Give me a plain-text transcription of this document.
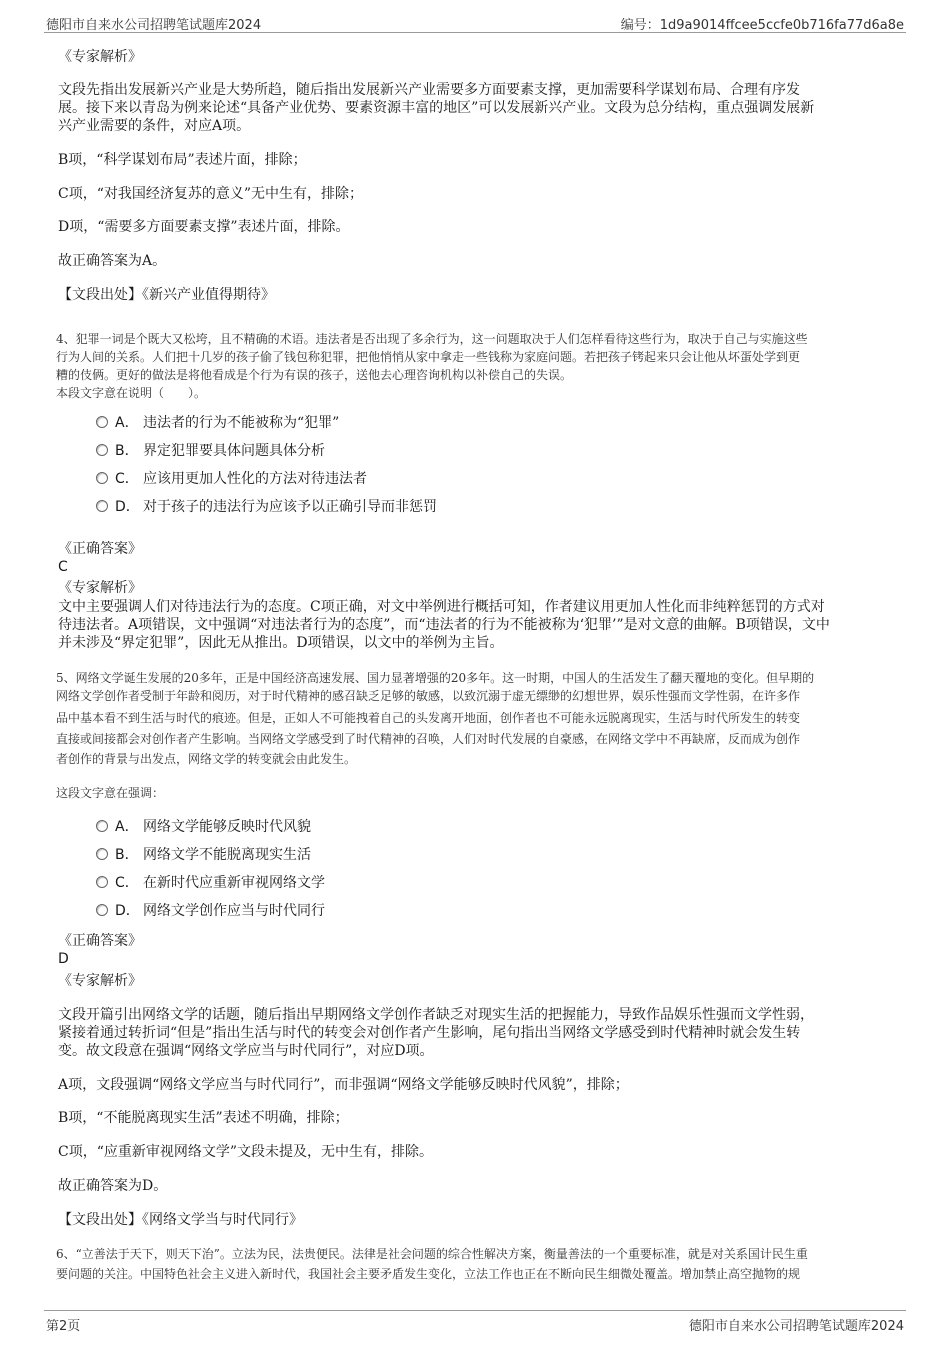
德阳市自来水公司招聘笔试题库2024	编号：1d9a9014ffcee5ccfe0b716fa77d6a8e
《专家解析》
文段先指出发展新兴产业是大势所趋，随后指出发展新兴产业需要多方面要素支撑，更加需要科学谋划布局、合理有序发
展。接下来以青岛为例来论述“具备产业优势、要素资源丰富的地区”可以发展新兴产业。文段为总分结构，重点强调发展新
兴产业需要的条件，对应A项。
B项，“科学谋划布局”表述片面，排除；
C项，“对我国经济复苏的意义”无中生有，排除；
D项，“需要多方面要素支撑”表述片面，排除。
故正确答案为A。
【文段出处】《新兴产业值得期待》
4、犯罪一词是个既大又松垮，且不精确的术语。违法者是否出现了多余行为，这一问题取决于人们怎样看待这些行为，取决于自己与实施这些
行为人间的关系。人们把十几岁的孩子偷了钱包称犯罪，把他悄悄从家中拿走一些钱称为家庭问题。若把孩子铐起来只会让他从坏蛋处学到更
糟的伎俩。更好的做法是将他看成是个行为有误的孩子，送他去心理咨询机构以补偿自己的失误。
本段文字意在说明（　　）。
A． 违法者的行为不能被称为“犯罪”
B． 界定犯罪要具体问题具体分析
C． 应该用更加人性化的方法对待违法者
D． 对于孩子的违法行为应该予以正确引导而非惩罚
《正确答案》
C
《专家解析》
文中主要强调人们对待违法行为的态度。C项正确，对文中举例进行概括可知，作者建议用更加人性化而非纯粹惩罚的方式对
待违法者。A项错误，文中强调“对违法者行为的态度”，而“违法者的行为不能被称为‘犯罪’”是对文意的曲解。B项错误，文中
并未涉及“界定犯罪”，因此无从推出。D项错误，以文中的举例为主旨。
5、网络文学诞生发展的20多年，正是中国经济高速发展、国力显著增强的20多年。这一时期，中国人的生活发生了翻天覆地的变化。但早期的
网络文学创作者受制于年龄和阅历，对于时代精神的感召缺乏足够的敏感，以致沉溺于虚无缥缈的幻想世界，娱乐性强而文学性弱，在许多作
品中基本看不到生活与时代的痕迹。但是，正如人不可能拽着自己的头发离开地面，创作者也不可能永远脱离现实，生活与时代所发生的转变
直接或间接都会对创作者产生影响。当网络文学感受到了时代精神的召唤，人们对时代发展的自豪感，在网络文学中不再缺席，反而成为创作
者创作的背景与出发点，网络文学的转变就会由此发生。
这段文字意在强调：
A． 网络文学能够反映时代风貌
B． 网络文学不能脱离现实生活
C． 在新时代应重新审视网络文学
D． 网络文学创作应当与时代同行
《正确答案》
D
《专家解析》
文段开篇引出网络文学的话题，随后指出早期网络文学创作者缺乏对现实生活的把握能力，导致作品娱乐性强而文学性弱，
紧接着通过转折词“但是”指出生活与时代的转变会对创作者产生影响，尾句指出当网络文学感受到时代精神时就会发生转
变。故文段意在强调“网络文学应当与时代同行”，对应D项。
A项，文段强调“网络文学应当与时代同行”，而非强调“网络文学能够反映时代风貌”，排除；
B项，“不能脱离现实生活”表述不明确，排除；
C项，“应重新审视网络文学”文段未提及，无中生有，排除。
故正确答案为D。
【文段出处】《网络文学当与时代同行》
6、“立善法于天下，则天下治”。立法为民，法贵便民。法律是社会问题的综合性解决方案，衡量善法的一个重要标准，就是对关系国计民生重
要问题的关注。中国特色社会主义进入新时代，我国社会主要矛盾发生变化，立法工作也正在不断向民生细微处覆盖。增加禁止高空抛物的规
第2页	德阳市自来水公司招聘笔试题库2024
